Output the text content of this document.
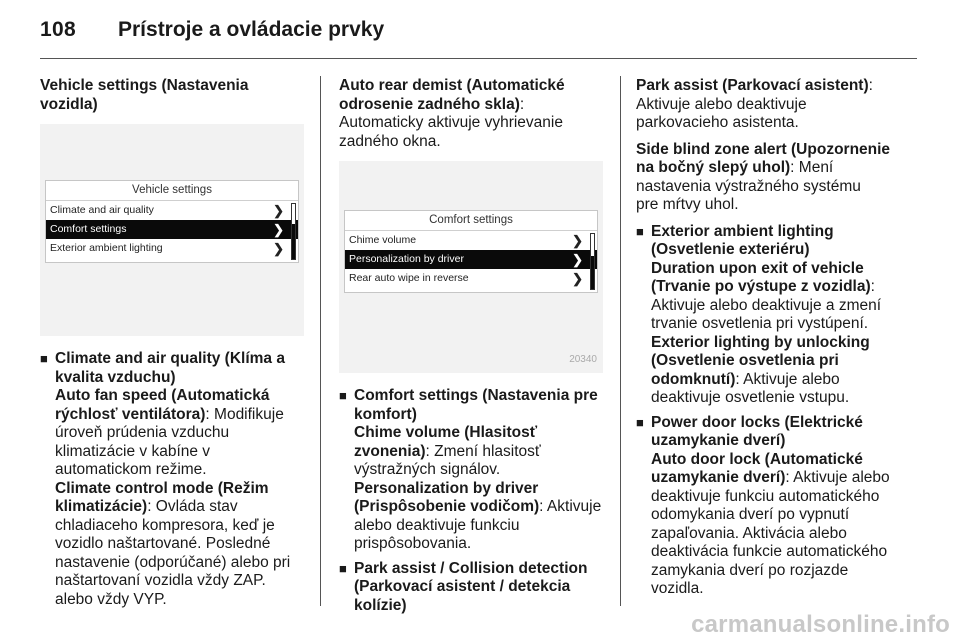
108 Prístroje a ovládacie prvky

Vehicle settings (Nastavenia vozidla)

Vehicle settings
Climate and air quality	❯
Comfort settings	❯
Exterior ambient lighting	❯
■ Climate and air quality (Klíma a
kvalita vzduchu)

Auto fan speed (Automatická
rýchlosť ventilátora): Modifikuje
úroveň prúdenia vzduchu
klimatizácie v kabíne v
automatickom režime.

Climate control mode (Režim
klimatizácie): Ovláda stav
chladiaceho kompresora, keď je
vozidlo naštartované. Posledné
nastavenie (odporúčané) alebo pri
naštartovaní vozidla vždy ZAP.
alebo vždy VYP.

Auto rear demist (Automatické
odrosenie zadného skla):
Automaticky aktivuje vyhrievanie
zadného okna.

Comfort settings
Chime volume	❯
Personalization by driver	❯
Rear auto wipe in reverse	❯
20340
■ Comfort settings (Nastavenia pre
komfort)

Chime volume (Hlasitosť
zvonenia): Zmení hlasitosť
výstražných signálov.

Personalization by driver
(Prispôsobenie vodičom): Aktivuje
alebo deaktivuje funkciu
prispôsobovania.

■ Park assist / Collision detection
(Parkovací asistent / detekcia
kolízie)

Park assist (Parkovací asistent):
Aktivuje alebo deaktivuje
parkovacieho asistenta.

Side blind zone alert (Upozornenie
na bočný slepý uhol): Mení
nastavenia výstražného systému
pre mŕtvy uhol.

■ Exterior ambient lighting
(Osvetlenie exteriéru)

Duration upon exit of vehicle
(Trvanie po výstupe z vozidla):
Aktivuje alebo deaktivuje a zmení
trvanie osvetlenia pri vystúpení.

Exterior lighting by unlocking
(Osvetlenie osvetlenia pri
odomknutí): Aktivuje alebo
deaktivuje osvetlenie vstupu.

■ Power door locks (Elektrické
uzamykanie dverí)

Auto door lock (Automatické
uzamykanie dverí): Aktivuje alebo
deaktivuje funkciu automatického
odomykania dverí po vypnutí
zapaľovania. Aktivácia alebo
deaktivácia funkcie automatického
zamykania dverí po rozjazde
vozidla.

carmanualsonline.info
